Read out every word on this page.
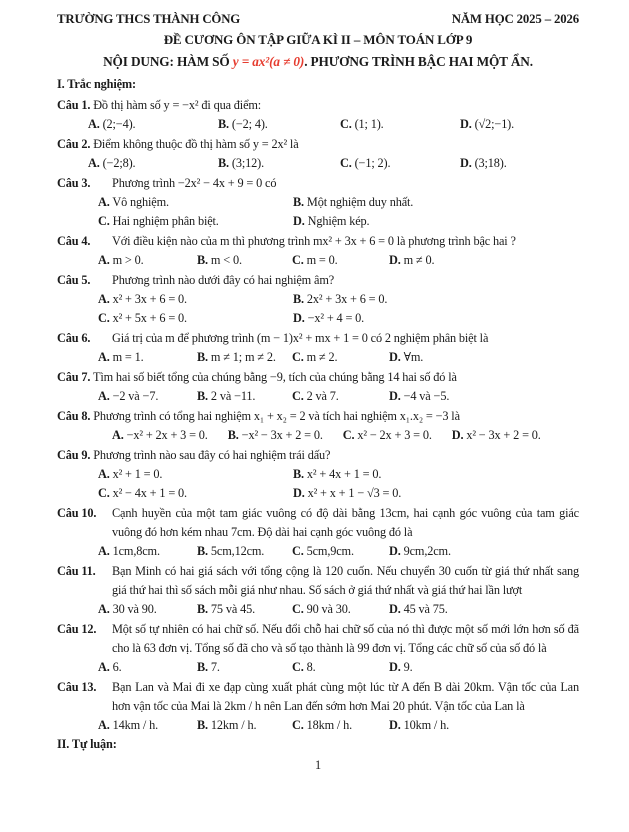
TRƯỜNG THCS THÀNH CÔNG	NĂM HỌC 2025 – 2026
ĐỀ CƯƠNG ÔN TẬP GIỮA KÌ II – MÔN TOÁN LỚP 9
NỘI DUNG: HÀM SỐ y = ax²(a ≠ 0). PHƯƠNG TRÌNH BẬC HAI MỘT ẨN.
I. Trắc nghiệm:
Câu 1. Đồ thị hàm số y = −x² đi qua điểm:
A. (2;−4).	B. (−2; 4).	C. (1; 1).	D. (√2;−1).
Câu 2. Điểm không thuộc đồ thị hàm số y = 2x² là
A. (−2;8).	B. (3;12).	C. (−1; 2).	D. (3;18).
Câu 3.	Phương trình −2x² − 4x + 9 = 0 có
A. Vô nghiệm.	B. Một nghiệm duy nhất.
C. Hai nghiệm phân biệt.	D. Nghiệm kép.
Câu 4.	Với điều kiện nào của m thì phương trình mx² + 3x + 6 = 0 là phương trình bậc hai ?
A. m > 0.	B. m < 0.	C. m = 0.	D. m ≠ 0.
Câu 5.	Phương trình nào dưới đây có hai nghiệm âm?
A. x² + 3x + 6 = 0.	B. 2x² + 3x + 6 = 0.
C. x² + 5x + 6 = 0.	D. −x² + 4 = 0.
Câu 6.	Giá trị của m để phương trình (m − 1)x² + mx + 1 = 0 có 2 nghiệm phân biệt là
A. m = 1.	B. m ≠ 1; m ≠ 2.	C. m ≠ 2.	D. ∀m.
Câu 7. Tìm hai số biết tổng của chúng bằng −9, tích của chúng bằng 14 hai số đó là
A. −2 và −7.	B. 2 và −11.	C. 2 và 7.	D. −4 và −5.
Câu 8. Phương trình có tổng hai nghiệm x₁ + x₂ = 2 và tích hai nghiệm x₁.x₂ = −3 là
A. −x² + 2x + 3 = 0. B. −x² − 3x + 2 = 0. C. x² − 2x + 3 = 0. D. x² − 3x + 2 = 0.
Câu 9. Phương trình nào sau đây có hai nghiệm trái dấu?
A. x² + 1 = 0.	B. x² + 4x + 1 = 0.
C. x² − 4x + 1 = 0.	D. x² + x + 1 − √3 = 0.
Câu 10.	Cạnh huyền của một tam giác vuông có độ dài bằng 13cm, hai cạnh góc vuông của tam giác vuông đó hơn kém nhau 7cm. Độ dài hai cạnh góc vuông đó là
A. 1cm,8cm.	B. 5cm,12cm.	C. 5cm,9cm.	D. 9cm,2cm.
Câu 11.	Bạn Minh có hai giá sách với tổng cộng là 120 cuốn. Nếu chuyển 30 cuốn từ giá thứ nhất sang giá thứ hai thì số sách mỗi giá như nhau. Số sách ở giá thứ nhất và giá thứ hai lần lượt
A. 30 và 90.	B. 75 và 45.	C. 90 và 30.	D. 45 và 75.
Câu 12.	Một số tự nhiên có hai chữ số. Nếu đổi chỗ hai chữ số của nó thì được một số mới lớn hơn số đã cho là 63 đơn vị. Tổng số đã cho và số tạo thành là 99 đơn vị. Tổng các chữ số của số đó là
A. 6.	B. 7.	C. 8.	D. 9.
Câu 13.	Bạn Lan và Mai đi xe đạp cùng xuất phát cùng một lúc từ A đến B dài 20km. Vận tốc của Lan hơn vận tốc của Mai là 2km / h nên Lan đến sớm hơn Mai 20 phút. Vận tốc của Lan là
A. 14km / h.	B. 12km / h.	C. 18km / h.	D. 10km / h.
II. Tự luận:
1
